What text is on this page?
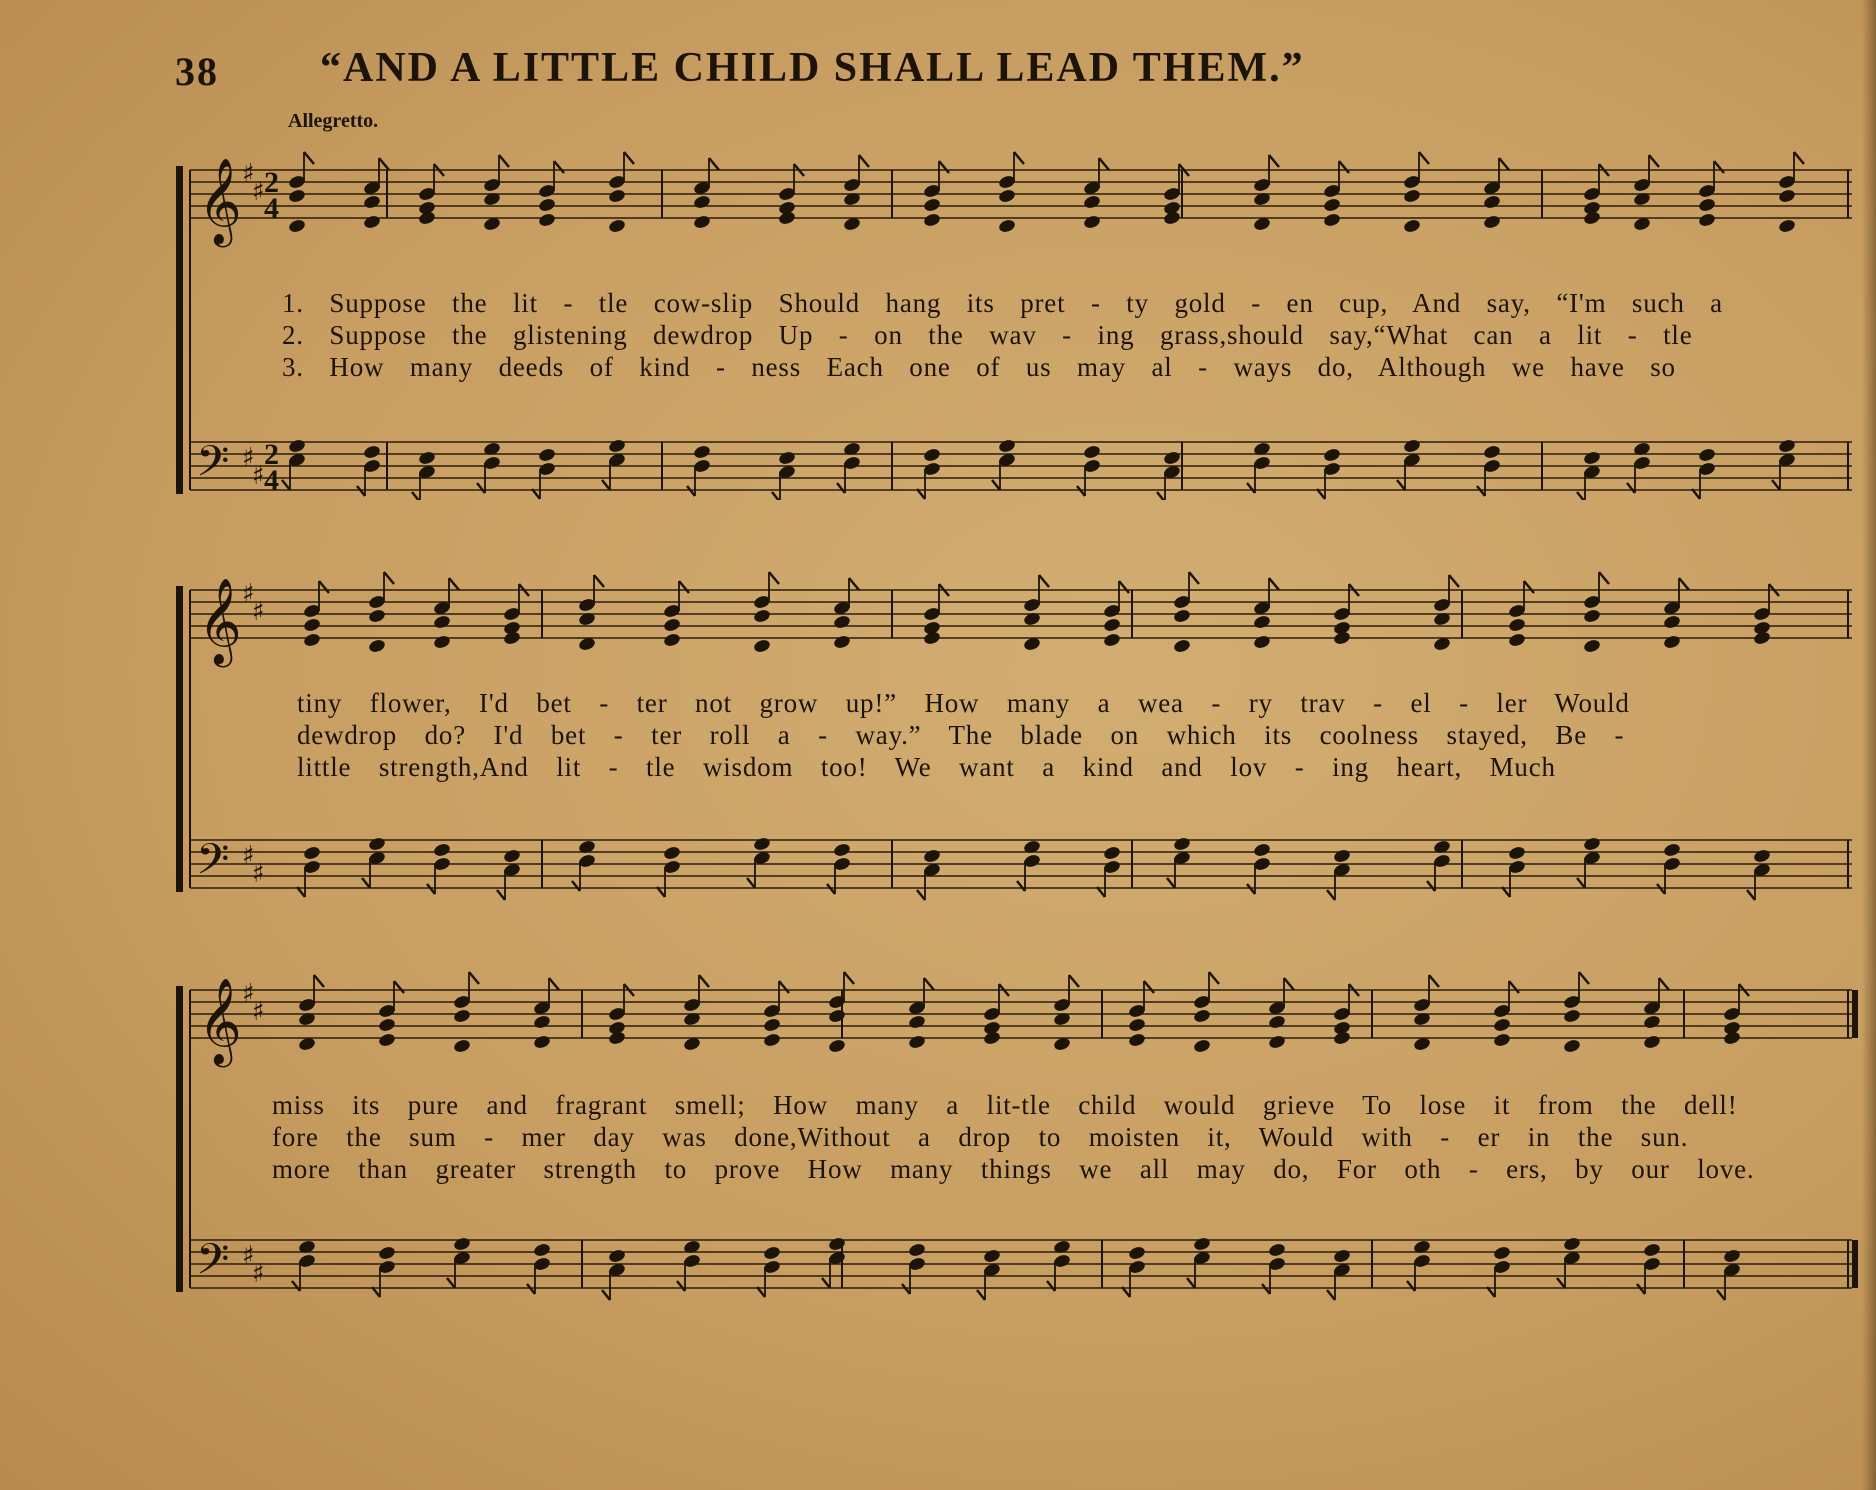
38 “AND A LITTLE CHILD SHALL LEAD THEM.”
Allegretto.
𝄞
𝄢
♯
♯
♯
♯
2
4
2
4
1. Suppose the lit - tle cow-slip Should hang its pret - ty gold - en cup, And say, “I'm such a
2. Suppose the glistening dewdrop Up - on the wav - ing grass,should say,“What can a lit - tle
3. How many deeds of kind - ness Each one of us may al - ways do, Although we have so
𝄞
𝄢
♯
♯
♯
♯
tiny flower, I'd bet - ter not grow up!” How many a wea - ry trav - el - ler Would
dewdrop do? I'd bet - ter roll a - way.” The blade on which its coolness stayed, Be -
little strength,And lit - tle wisdom too! We want a kind and lov - ing heart, Much
𝄞
𝄢
♯
♯
♯
♯
miss its pure and fragrant smell; How many a lit-tle child would grieve To lose it from the dell!
fore the sum - mer day was done,Without a drop to moisten it, Would with - er in the sun.
more than greater strength to prove How many things we all may do, For oth - ers, by our love.
